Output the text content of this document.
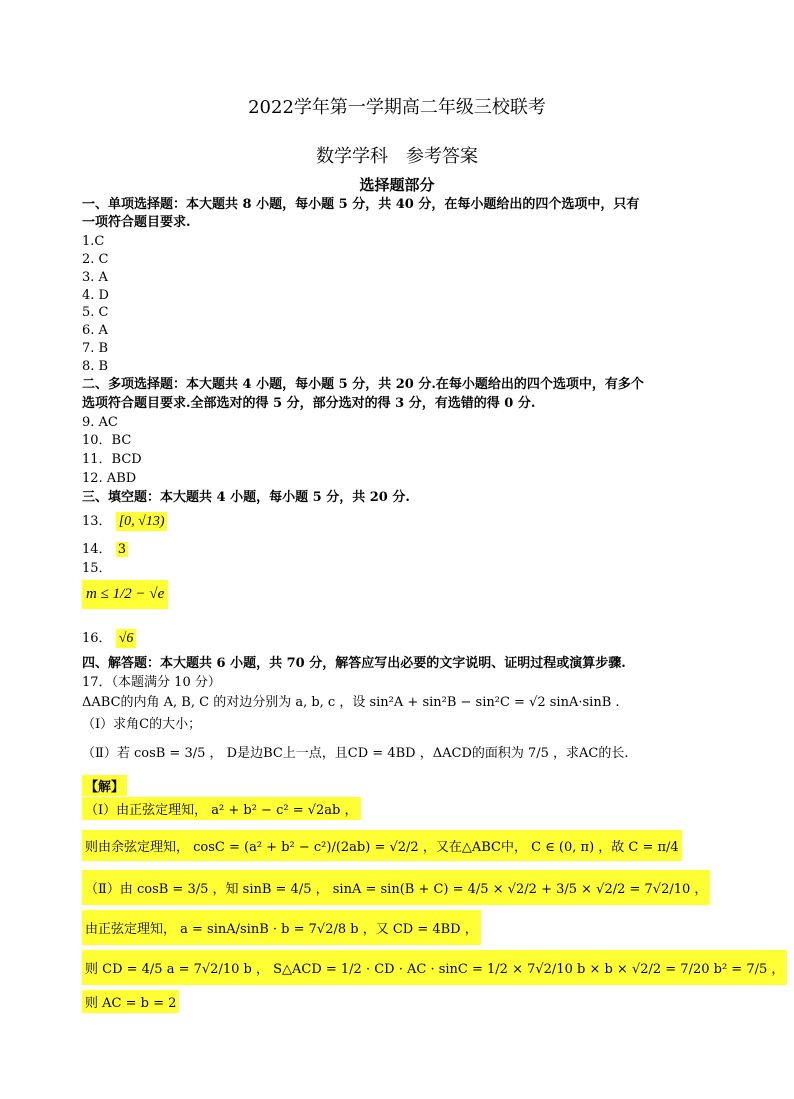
2022学年第一学期高二年级三校联考
数学学科　参考答案
选择题部分
一、单项选择题：本大题共 8 小题，每小题 5 分，共 40 分，在每小题给出的四个选项中，只有
一项符合题目要求.
1.C
2. C
3. A
4. D
5. C
6. A
7. B
8. B
二、多项选择题：本大题共 4 小题，每小题 5 分，共 20 分.在每小题给出的四个选项中，有多个
选项符合题目要求.全部选对的得 5 分，部分选对的得 3 分，有选错的得 0 分.
9. AC
10．BC
11．BCD
12. ABD
三、填空题：本大题共 4 小题，每小题 5 分，共 20 分.
13． [0, √13)
14． 3
15．
m ≤ 1/2 − √e
16． √6
四、解答题：本大题共 6 小题，共 70 分，解答应写出必要的文字说明、证明过程或演算步骤.
17．（本题满分 10 分）
ΔABC的内角 A, B, C 的对边分别为 a, b, c ，设 sin²A + sin²B − sin²C = √2 sinA·sinB .
（Ⅰ）求角C的大小；
（Ⅱ）若 cosB = 3/5 ， D是边BC上一点，且CD = 4BD ，ΔACD的面积为 7/5 ，求AC的长.
【解】
（Ⅰ）由正弦定理知， a² + b² − c² = √2ab ，
则由余弦定理知， cosC = (a² + b² − c²)/(2ab) = √2/2 ，又在△ABC中， C ∈ (0, π) ，故 C = π/4
（Ⅱ）由 cosB = 3/5 ，知 sinB = 4/5 ， sinA = sin(B + C) = 4/5 × √2/2 + 3/5 × √2/2 = 7√2/10 ，
由正弦定理知， a = sinA/sinB · b = 7√2/8 b ，又 CD = 4BD ，
则 CD = 4/5 a = 7√2/10 b ， S△ACD = 1/2 · CD · AC · sinC = 1/2 × 7√2/10 b × b × √2/2 = 7/20 b² = 7/5 ，
则 AC = b = 2
